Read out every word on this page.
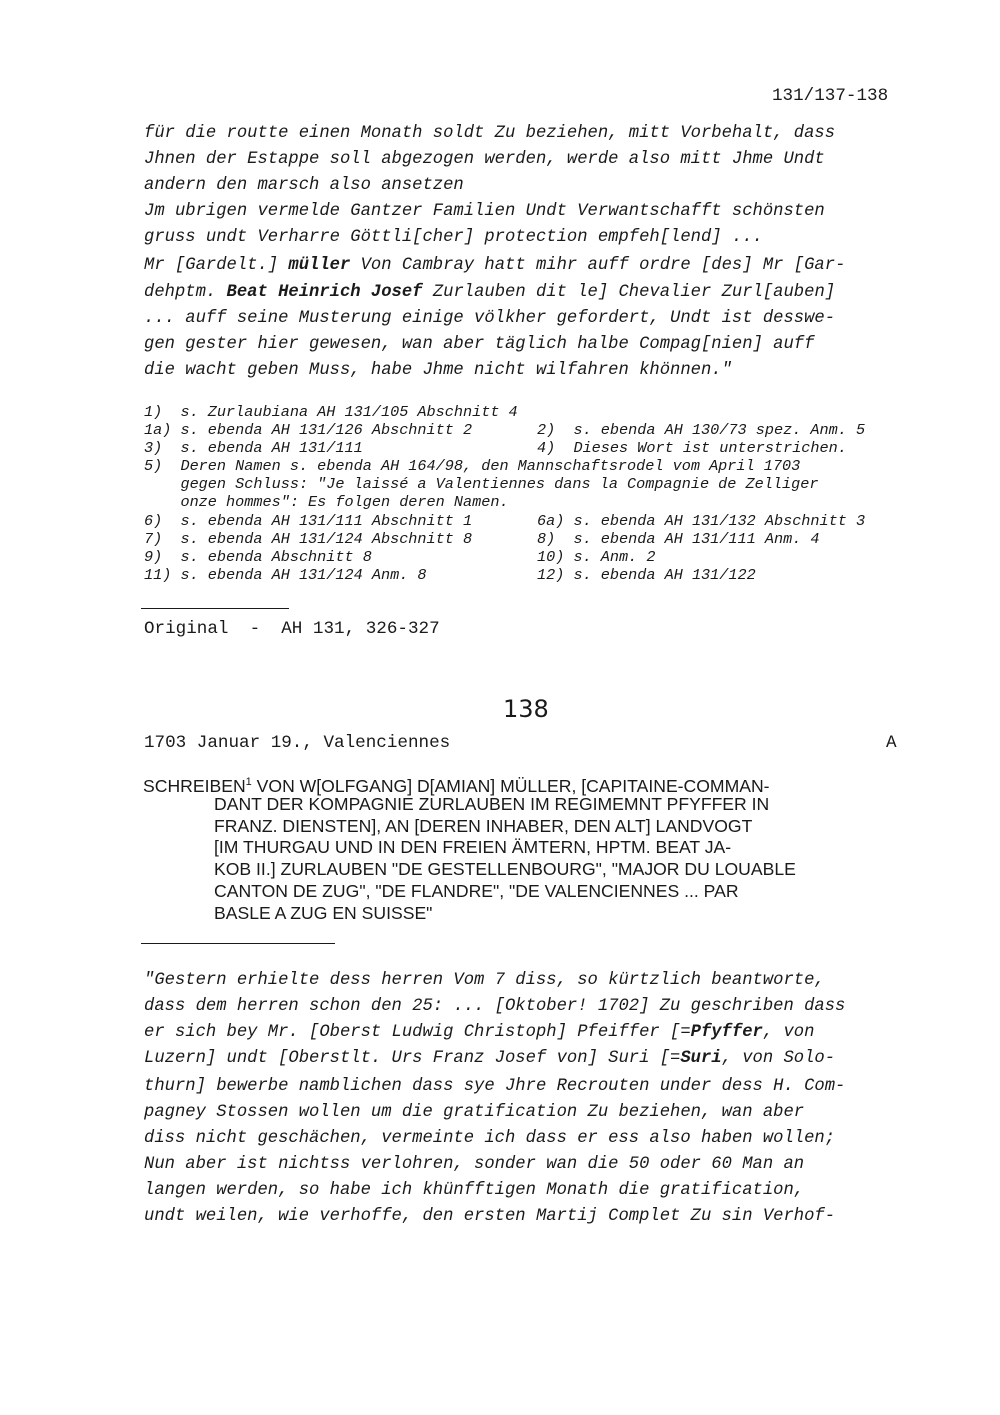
131/137-138
für die routte einen Monath soldt Zu beziehen, mitt Vorbehalt, dass
Jhnen der Estappe soll abgezogen werden, werde also mitt Jhme Undt
andern den marsch also ansetzen
Jm ubrigen vermelde Gantzer Familien Undt Verwantschafft schönsten
gruss undt Verharre Göttli[cher] protection empfeh[lend] ...
Mr [Gardelt.] müller Von Cambray hatt mihr auff ordre [des] Mr [Gar-
dehptm. Beat Heinrich Josef Zurlauben dit le] Chevalier Zurl[auben]
... auff seine Musterung einige völkher gefordert, Undt ist desswe-
gen gester hier gewesen, wan aber täglich halbe Compag[nien] auff
die wacht geben Muss, habe Jhme nicht wilfahren khönnen."
1)  s. Zurlaubiana AH 131/105 Abschnitt 4
1a) s. ebenda AH 131/126 Abschnitt 2	2)  s. ebenda AH 130/73 spez. Anm. 5
3)  s. ebenda AH 131/111	4)  Dieses Wort ist unterstrichen.
5)  Deren Namen s. ebenda AH 164/98, den Mannschaftsrodel vom April 1703
gegen Schluss: "Je laissé a Valentiennes dans la Compagnie de Zelliger
onze hommes": Es folgen deren Namen.
6)  s. ebenda AH 131/111 Abschnitt 1	6a) s. ebenda AH 131/132 Abschnitt 3
7)  s. ebenda AH 131/124 Abschnitt 8	8)  s. ebenda AH 131/111 Anm. 4
9)  s. ebenda Abschnitt 8	10) s. Anm. 2
11) s. ebenda AH 131/124 Anm. 8	12) s. ebenda AH 131/122
Original  -  AH 131, 326-327
138
1703 Januar 19., Valenciennes	A
SCHREIBEN$^1$ VON W[OLFGANG] D[AMIAN] MÜLLER, [CAPITAINE-COMMAN-
DANT DER KOMPAGNIE ZURLAUBEN IM REGIMEMNT PFYFFER IN
FRANZ. DIENSTEN], AN [DEREN INHABER, DEN ALT] LANDVOGT
[IM THURGAU UND IN DEN FREIEN ÄMTERN, HPTM. BEAT JA-
KOB II.] ZURLAUBEN "DE GESTELLENBOURG", "MAJOR DU LOUABLE
CANTON DE ZUG", "DE FLANDRE", "DE VALENCIENNES ... PAR
BASLE A ZUG EN SUISSE"
"Gestern erhielte dess herren Vom 7 diss, so kürtzlich beantworte,
dass dem herren schon den 25: ... [Oktober! 1702] Zu geschriben dass
er sich bey Mr. [Oberst Ludwig Christoph] Pfeiffer [=Pfyffer, von
Luzern] undt [Oberstlt. Urs Franz Josef von] Suri [=Suri, von Solo-
thurn] bewerbe namblichen dass sye Jhre Recrouten under dess H. Com-
pagney Stossen wollen um die gratification Zu beziehen, wan aber
diss nicht geschächen, vermeinte ich dass er ess also haben wollen;
Nun aber ist nichtss verlohren, sonder wan die 50 oder 60 Man an
langen werden, so habe ich khünfftigen Monath die gratification,
undt weilen, wie verhoffe, den ersten Martij Complet Zu sin Verhof-
